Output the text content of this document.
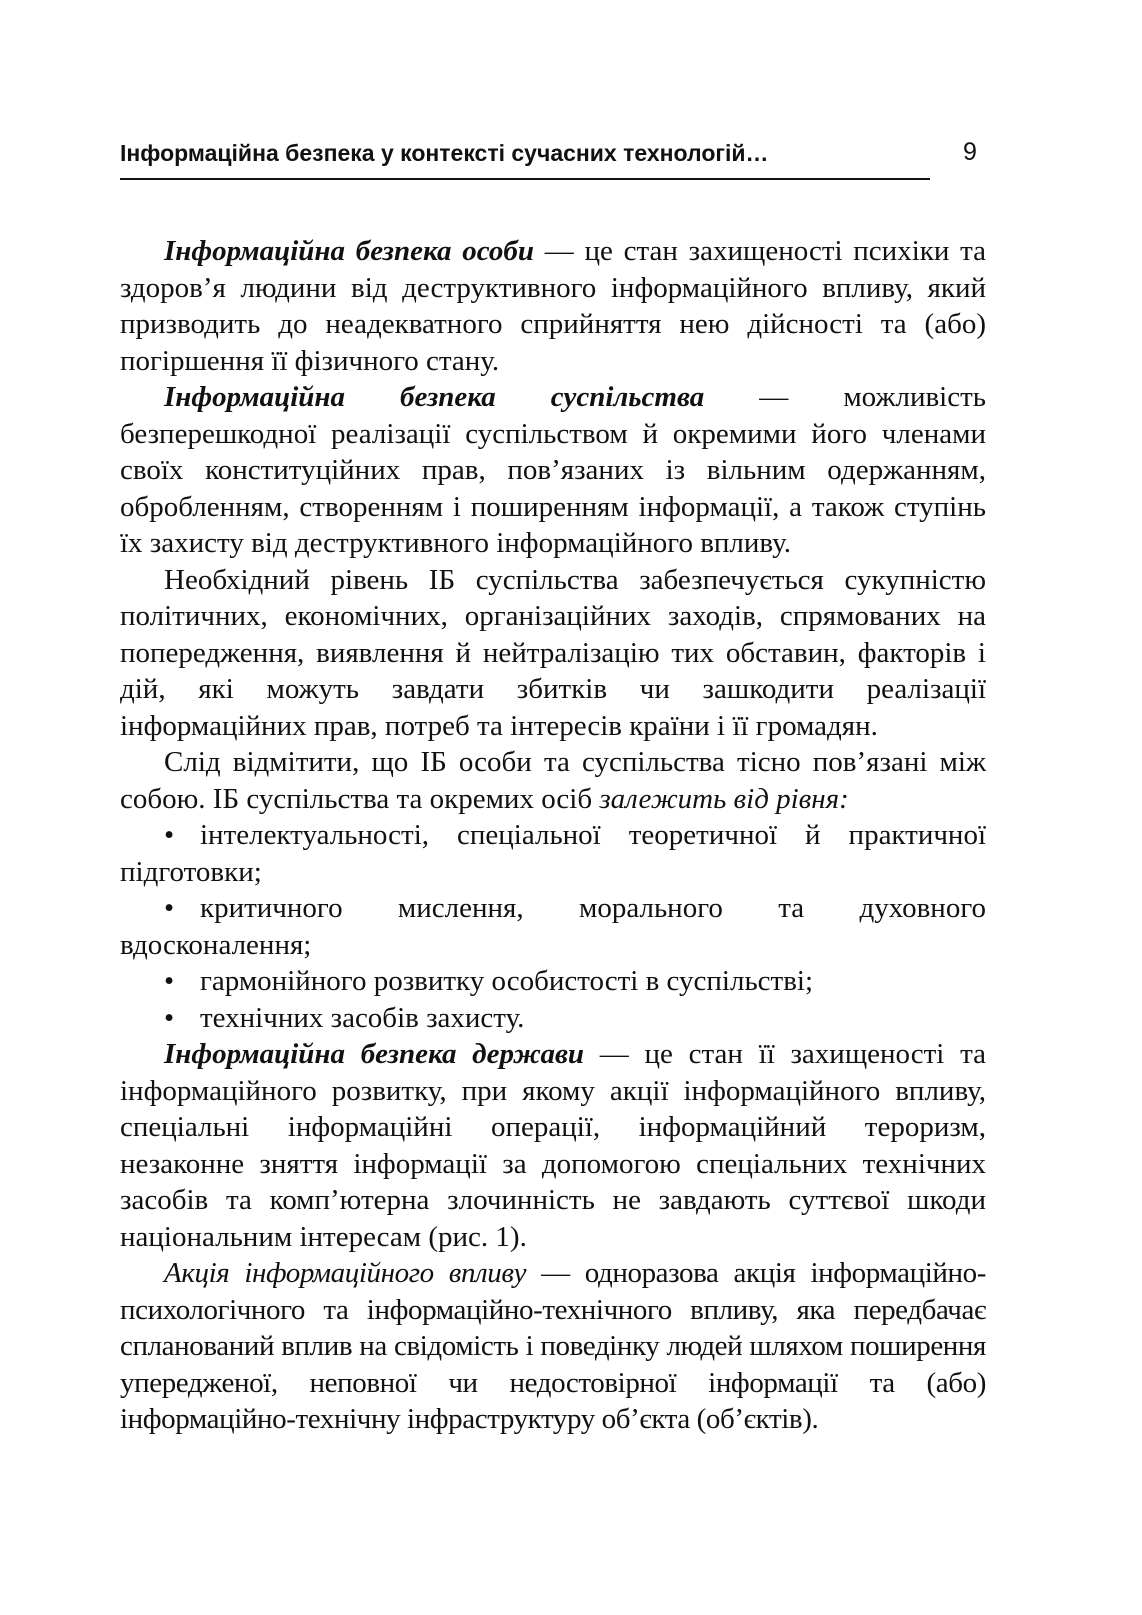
Інформаційна безпека у контексті сучасних технологій…	9

Інформаційна безпека особи — це стан захищеності психіки та здоров’я людини від деструктивного інформаційного впливу, який призводить до неадекватного сприйняття нею дійсності та (або) погіршення її фізичного стану.

Інформаційна безпека суспільства — можливість безперешкодної реалізації суспільством й окремими його членами своїх конституційних прав, пов’язаних із вільним одержанням, обробленням, створенням і поширенням інформації, а також ступінь їх захисту від деструктивного інформаційного впливу.

Необхідний рівень ІБ суспільства забезпечується сукупністю політичних, економічних, організаційних заходів, спрямованих на попередження, виявлення й нейтралізацію тих обставин, факторів і дій, які можуть завдати збитків чи зашкодити реалізації інформаційних прав, потреб та інтересів країни і її громадян.

Слід відмітити, що ІБ особи та суспільства тісно пов’язані між собою. ІБ суспільства та окремих осіб залежить від рівня:

• інтелектуальності, спеціальної теоретичної й практичної підготовки;
• критичного мислення, морального та духовного вдосконалення;
• гармонійного розвитку особистості в суспільстві;
• технічних засобів захисту.

Інформаційна безпека держави — це стан її захищеності та інформаційного розвитку, при якому акції інформаційного впливу, спеціальні інформаційні операції, інформаційний тероризм, незаконне зняття інформації за допомогою спеціальних технічних засобів та комп’ютерна злочинність не завдають суттєвої шкоди національним інтересам (рис. 1).

Акція інформаційного впливу — одноразова акція інформаційно-психологічного та інформаційно-технічного впливу, яка передбачає спланований вплив на свідомість і поведінку людей шляхом поширення упередженої, неповної чи недостовірної інформації та (або) інформаційно-технічну інфраструктуру об’єкта (об’єктів).
